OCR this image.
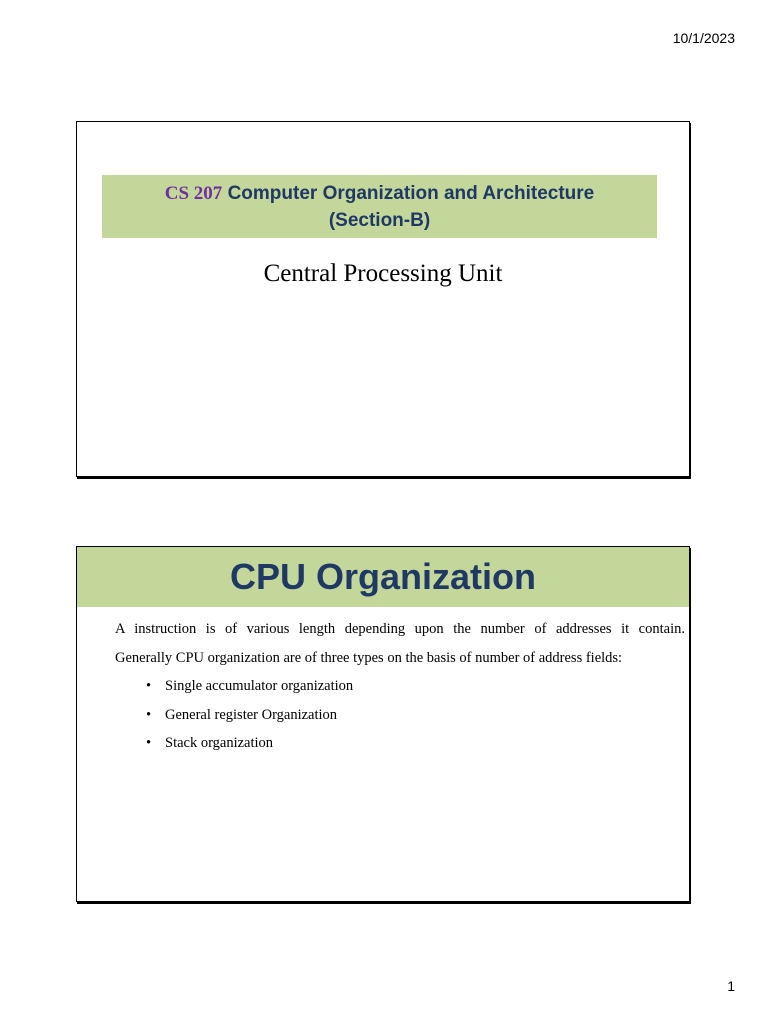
10/1/2023
CS 207 Computer Organization and Architecture
(Section-B)
Central Processing Unit
CPU Organization
A instruction is of various length depending upon the number of addresses it contain.
Generally CPU organization are of three types on the basis of number of address fields:
• Single accumulator organization
• General register Organization
• Stack organization
1
